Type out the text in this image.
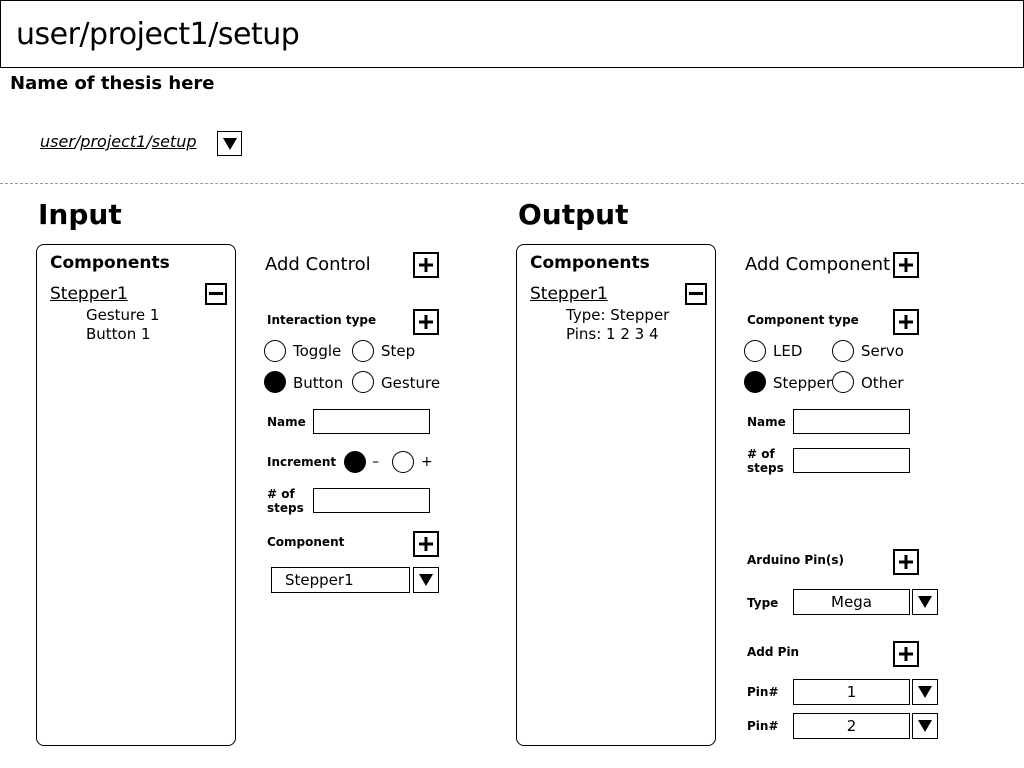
user/project1/setup
Name of thesis here
user/project1/setup
Input
Components
Stepper1
Gesture 1
Button 1
Add Control
Interaction type
Toggle	Step
Button	Gesture
Name
Increment	–	+
# of
steps
Component
Stepper1
Output
Components
Stepper1
Type: Stepper
Pins: 1 2 3 4
Add Component
Component type
LED	Servo
Stepper Other
Name
# of
steps
Arduino Pin(s)
Type	Mega
Add Pin
Pin#	1
Pin#	2
